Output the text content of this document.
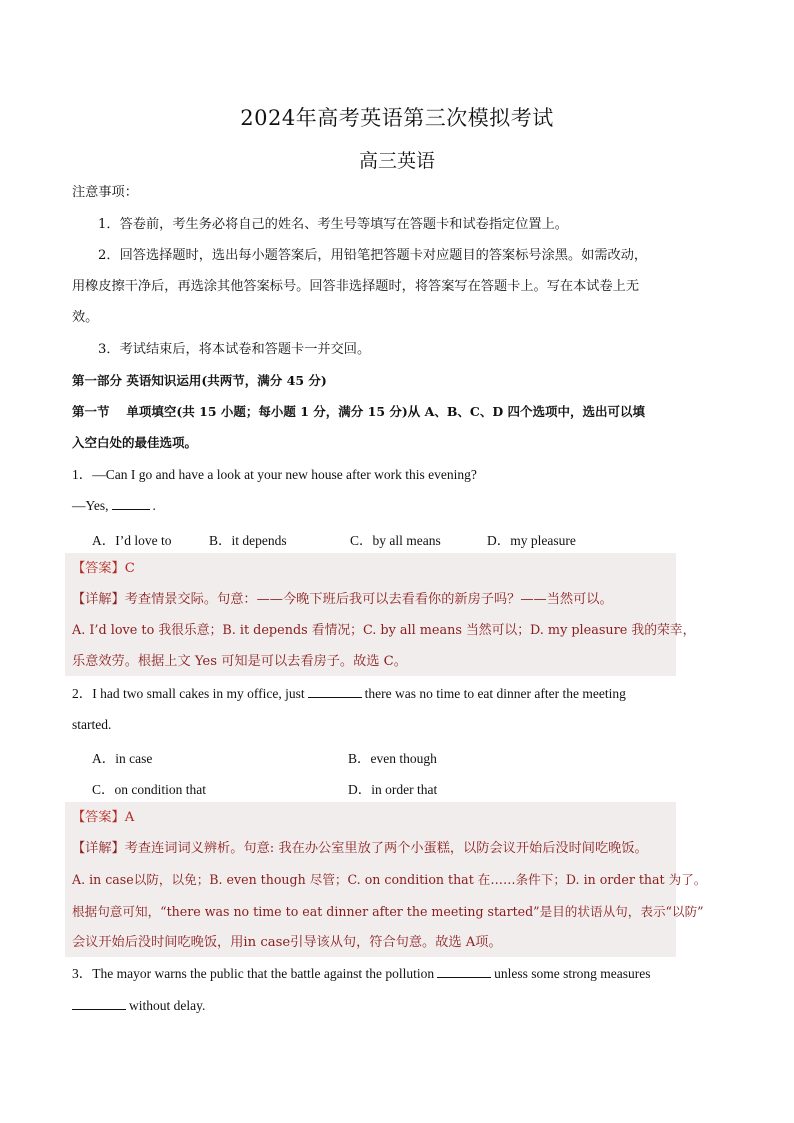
2024年高考英语第三次模拟考试
高三英语
注意事项：
1．答卷前，考生务必将自己的姓名、考生号等填写在答题卡和试卷指定位置上。
2．回答选择题时，选出每小题答案后，用铅笔把答题卡对应题目的答案标号涂黑。如需改动，
用橡皮擦干净后，再选涂其他答案标号。回答非选择题时，将答案写在答题卡上。写在本试卷上无
效。
3．考试结束后，将本试卷和答题卡一并交回。
第一部分 英语知识运用(共两节，满分 45 分)
第一节　 单项填空(共 15 小题；每小题 1 分，满分 15 分)从 A、B、C、D 四个选项中，选出可以填
入空白处的最佳选项。
1．—Can I go and have a look at your new house after work this evening?
—Yes,	.
A．I’d love to	B．it depends	C．by all means	D．my pleasure
【答案】C
【详解】考查情景交际。句意：——今晚下班后我可以去看看你的新房子吗？——当然可以。
A. I’d love to 我很乐意；B. it depends 看情况；C. by all means 当然可以；D. my pleasure 我的荣幸，
乐意效劳。根据上文 Yes 可知是可以去看房子。故选 C。
2．I had two small cakes in my office, just	there was no time to eat dinner after the meeting
started.
A．in case	B．even though
C．on condition that	D．in order that
【答案】A
【详解】考查连词词义辨析。句意: 我在办公室里放了两个小蛋糕，以防会议开始后没时间吃晚饭。
A. in case以防，以免；B. even though 尽管；C. on condition that 在……条件下；D. in order that 为了。
根据句意可知，“there was no time to eat dinner after the meeting started”是目的状语从句，表示“以防”
会议开始后没时间吃晚饭，用in case引导该从句，符合句意。故选 A项。
3．The mayor warns the public that the battle against the pollution	unless some strong measures
without delay.
